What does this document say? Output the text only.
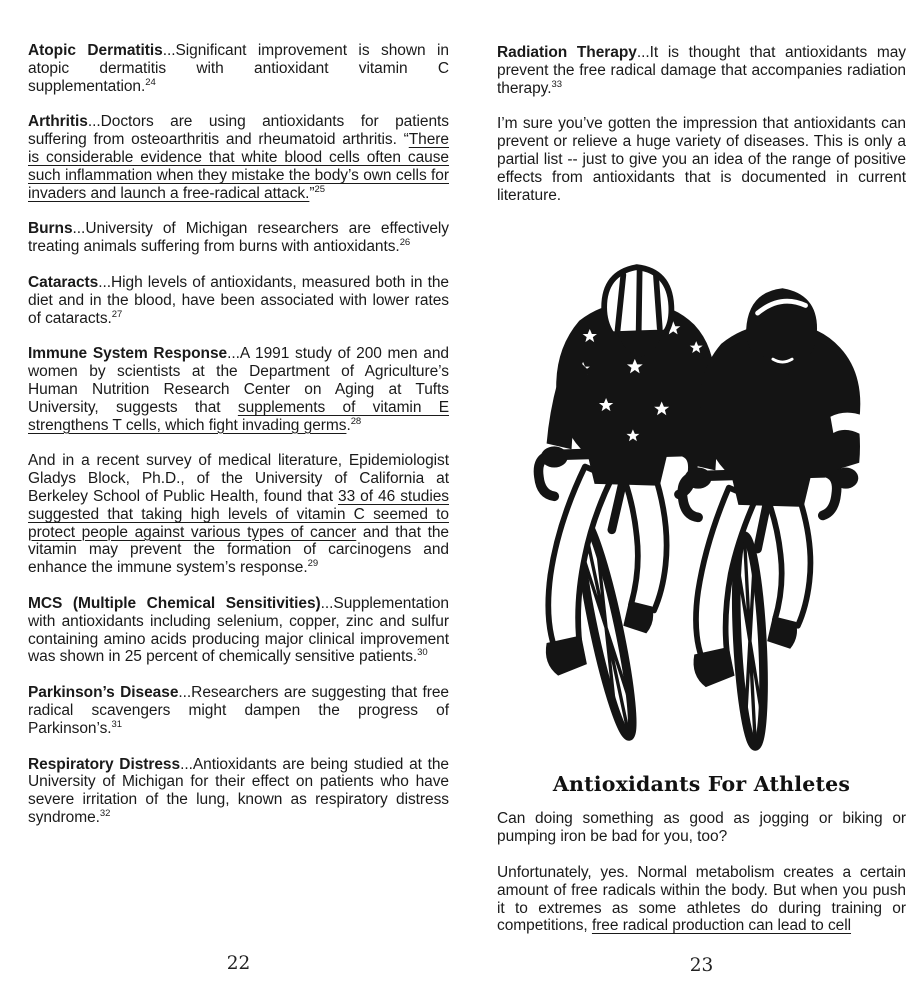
Atopic Dermatitis...Significant improvement is shown in atopic dermatitis with antioxidant vitamin C supplementation.$^{24}$

Arthritis...Doctors are using antioxidants for patients suffering from osteoarthritis and rheumatoid arthritis. “There is considerable evidence that white blood cells often cause such inflammation when they mistake the body’s own cells for invaders and launch a free-radical attack.”$^{25}$

Burns...University of Michigan researchers are effectively treating animals suffering from burns with antioxidants.$^{26}$

Cataracts...High levels of antioxidants, measured both in the diet and in the blood, have been associated with lower rates of cataracts.$^{27}$

Immune System Response...A 1991 study of 200 men and women by scientists at the Department of Agriculture’s Human Nutrition Research Center on Aging at Tufts University, suggests that supplements of vitamin E strengthens T cells, which fight invading germs.$^{28}$

And in a recent survey of medical literature, Epidemiologist Gladys Block, Ph.D., of the University of California at Berkeley School of Public Health, found that 33 of 46 studies suggested that taking high levels of vitamin C seemed to protect people against various types of cancer and that the vitamin may prevent the formation of carcinogens and enhance the immune system’s response.$^{29}$

MCS (Multiple Chemical Sensitivities)...Supplementation with antioxidants including selenium, copper, zinc and sulfur containing amino acids producing major clinical improvement was shown in 25 percent of chemically sensitive patients.$^{30}$

Parkinson’s Disease...Researchers are suggesting that free radical scavengers might dampen the progress of Parkinson’s.$^{31}$

Respiratory Distress...Antioxidants are being studied at the University of Michigan for their effect on patients who have severe irritation of the lung, known as respiratory distress syndrome.$^{32}$

Radiation Therapy...It is thought that antioxidants may prevent the free radical damage that accompanies radiation therapy.$^{33}$

I’m sure you’ve gotten the impression that antioxidants can prevent or relieve a huge variety of diseases. This is only a partial list -- just to give you an idea of the range of positive effects from antioxidants that is documented in current literature.

Antioxidants For Athletes

Can doing something as good as jogging or biking or pumping iron be bad for you, too?

Unfortunately, yes. Normal metabolism creates a certain amount of free radicals within the body. But when you push it to extremes as some athletes do during training or competitions, free radical production can lead to cell

22	23
